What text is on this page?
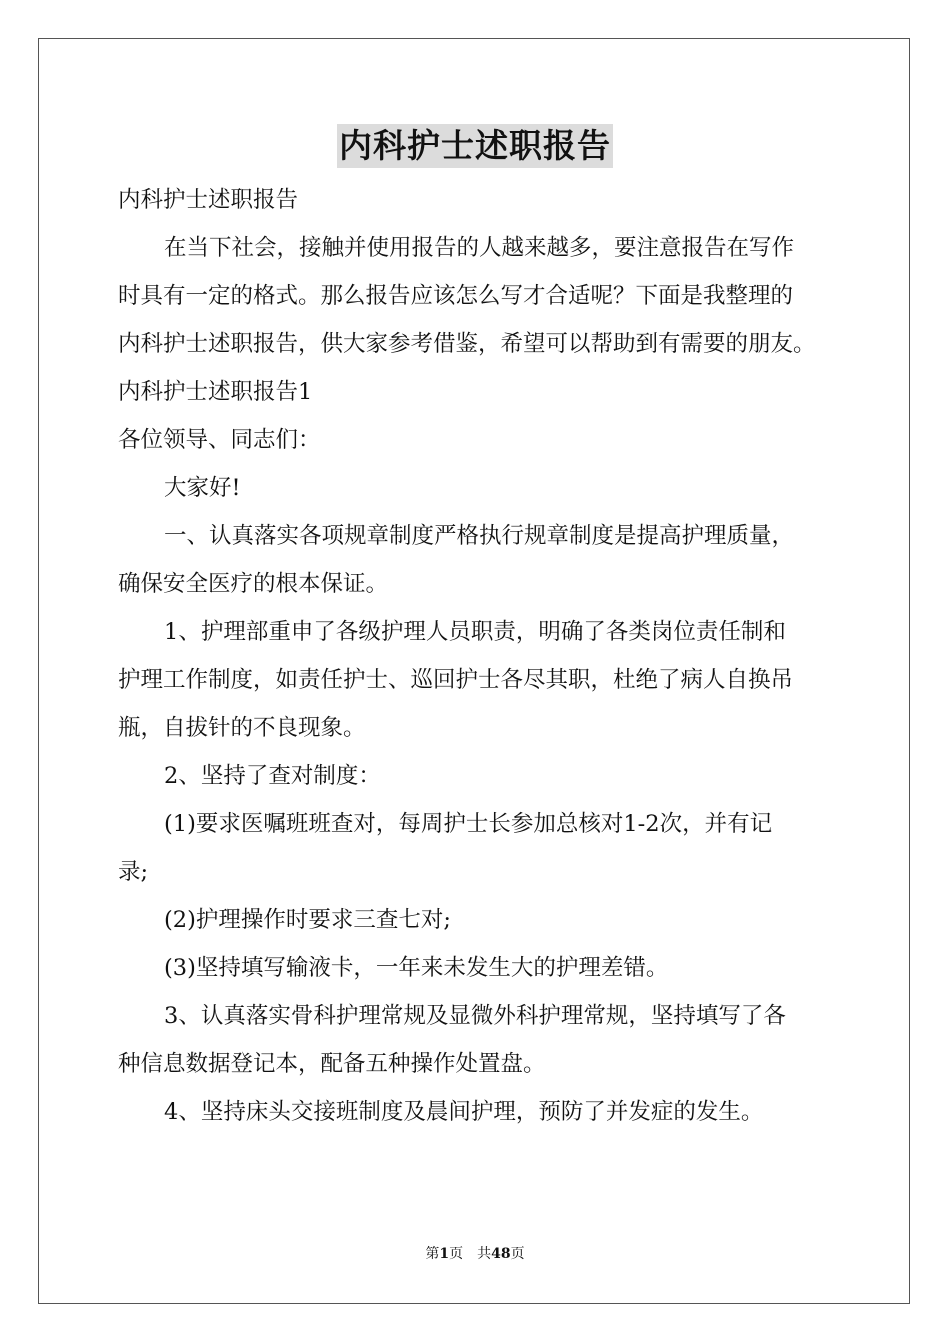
内科护士述职报告
内科护士述职报告
在当下社会，接触并使用报告的人越来越多，要注意报告在写作
时具有一定的格式。那么报告应该怎么写才合适呢？下面是我整理的
内科护士述职报告，供大家参考借鉴，希望可以帮助到有需要的朋友。
内科护士述职报告1
各位领导、同志们：
大家好!
一、认真落实各项规章制度严格执行规章制度是提高护理质量，
确保安全医疗的根本保证。
1、护理部重申了各级护理人员职责，明确了各类岗位责任制和
护理工作制度，如责任护士、巡回护士各尽其职，杜绝了病人自换吊
瓶，自拔针的不良现象。
2、坚持了查对制度：
(1)要求医嘱班班查对，每周护士长参加总核对1-2次，并有记
录;
(2)护理操作时要求三查七对;
(3)坚持填写输液卡，一年来未发生大的护理差错。
3、认真落实骨科护理常规及显微外科护理常规，坚持填写了各
种信息数据登记本，配备五种操作处置盘。
4、坚持床头交接班制度及晨间护理，预防了并发症的发生。
第1页 共48页
